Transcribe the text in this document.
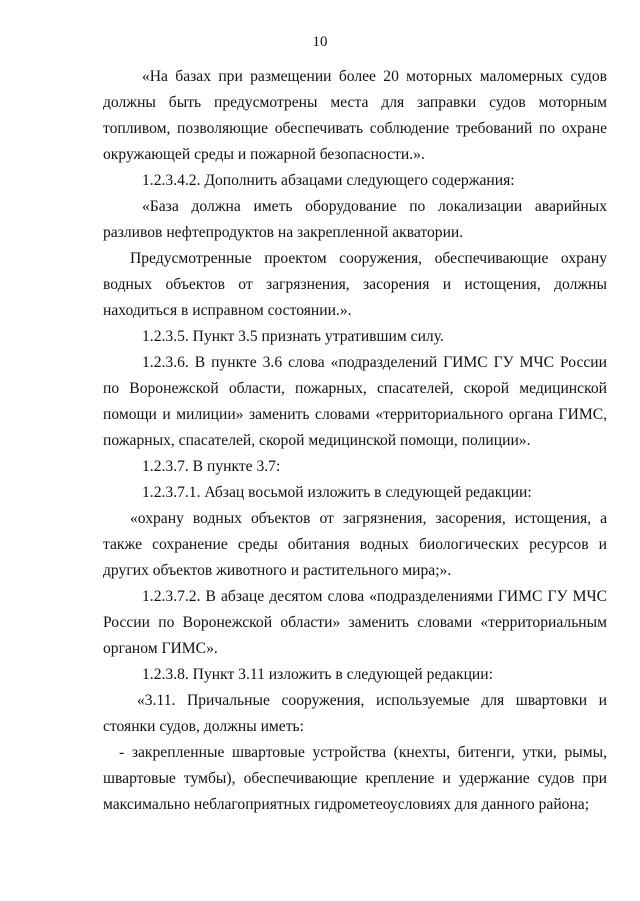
10

«На базах при размещении более 20 моторных маломерных судов должны быть предусмотрены места для заправки судов моторным топливом, позволяющие обеспечивать соблюдение требований по охране окружающей среды и пожарной безопасности.».

1.2.3.4.2. Дополнить абзацами следующего содержания:

«База должна иметь оборудование по локализации аварийных разливов нефтепродуктов на закрепленной акватории.

Предусмотренные проектом сооружения, обеспечивающие охрану водных объектов от загрязнения, засорения и истощения, должны находиться в исправном состоянии.».

1.2.3.5. Пункт 3.5 признать утратившим силу.

1.2.3.6. В пункте 3.6 слова «подразделений ГИМС ГУ МЧС России по Воронежской области, пожарных, спасателей, скорой медицинской помощи и милиции» заменить словами «территориального органа ГИМС, пожарных, спасателей, скорой медицинской помощи, полиции».

1.2.3.7. В пункте 3.7:

1.2.3.7.1. Абзац восьмой изложить в следующей редакции:

«охрану водных объектов от загрязнения, засорения, истощения, а также сохранение среды обитания водных биологических ресурсов и других объектов животного и растительного мира;».

1.2.3.7.2. В абзаце десятом слова «подразделениями ГИМС ГУ МЧС России по Воронежской области» заменить словами «территориальным органом ГИМС».

1.2.3.8. Пункт 3.11 изложить в следующей редакции:

«3.11. Причальные сооружения, используемые для швартовки и стоянки судов, должны иметь:

- закрепленные швартовые устройства (кнехты, битенги, утки, рымы, швартовые тумбы), обеспечивающие крепление и удержание судов при максимально неблагоприятных гидрометеоусловиях для данного района;
